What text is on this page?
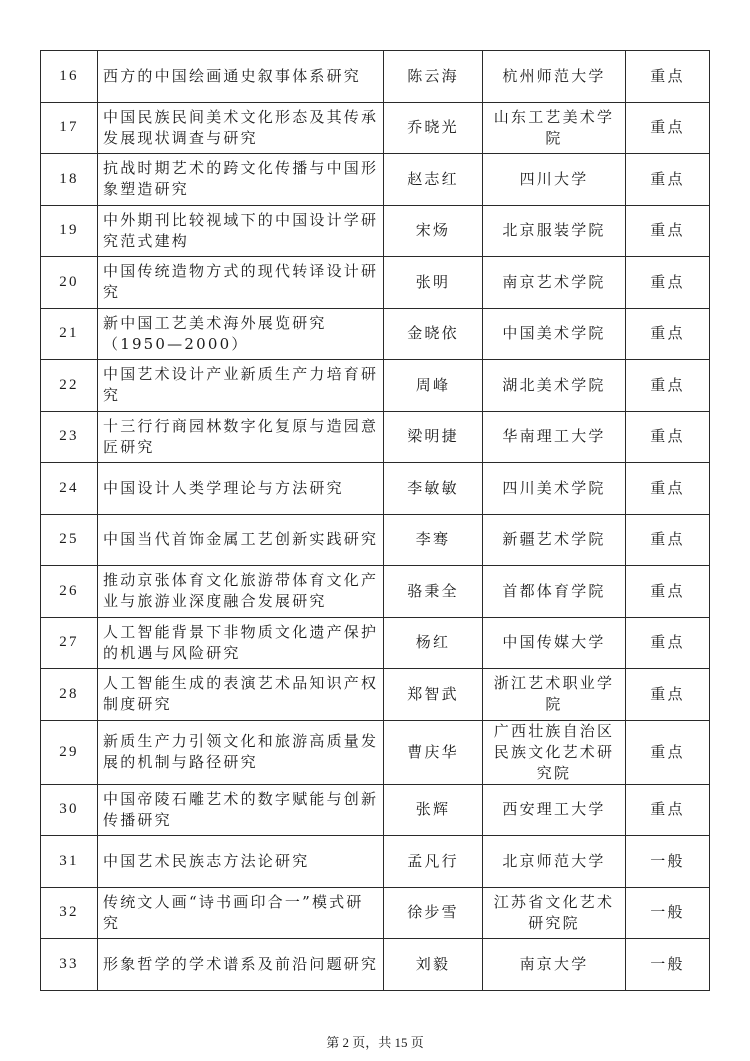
16	西方的中国绘画通史叙事体系研究	陈云海	杭州师范大学	重点
17	中国民族民间美术文化形态及其传承发展现状调查与研究	乔晓光	山东工艺美术学院	重点
18	抗战时期艺术的跨文化传播与中国形象塑造研究	赵志红	四川大学	重点
19	中外期刊比较视域下的中国设计学研究范式建构	宋炀	北京服装学院	重点
20	中国传统造物方式的现代转译设计研究	张明	南京艺术学院	重点
21	新中国工艺美术海外展览研究（1950—2000）	金晓依	中国美术学院	重点
22	中国艺术设计产业新质生产力培育研究	周峰	湖北美术学院	重点
23	十三行行商园林数字化复原与造园意匠研究	梁明捷	华南理工大学	重点
24	中国设计人类学理论与方法研究	李敏敏	四川美术学院	重点
25	中国当代首饰金属工艺创新实践研究	李骞	新疆艺术学院	重点
26	推动京张体育文化旅游带体育文化产业与旅游业深度融合发展研究	骆秉全	首都体育学院	重点
27	人工智能背景下非物质文化遗产保护的机遇与风险研究	杨红	中国传媒大学	重点
28	人工智能生成的表演艺术品知识产权制度研究	郑智武	浙江艺术职业学院	重点
29	新质生产力引领文化和旅游高质量发展的机制与路径研究	曹庆华	广西壮族自治区民族文化艺术研究院	重点
30	中国帝陵石雕艺术的数字赋能与创新传播研究	张辉	西安理工大学	重点
31	中国艺术民族志方法论研究	孟凡行	北京师范大学	一般
32	传统文人画“诗书画印合一”模式研究	徐步雪	江苏省文化艺术研究院	一般
33	形象哲学的学术谱系及前沿问题研究	刘毅	南京大学	一般
第 2 页，共 15 页
